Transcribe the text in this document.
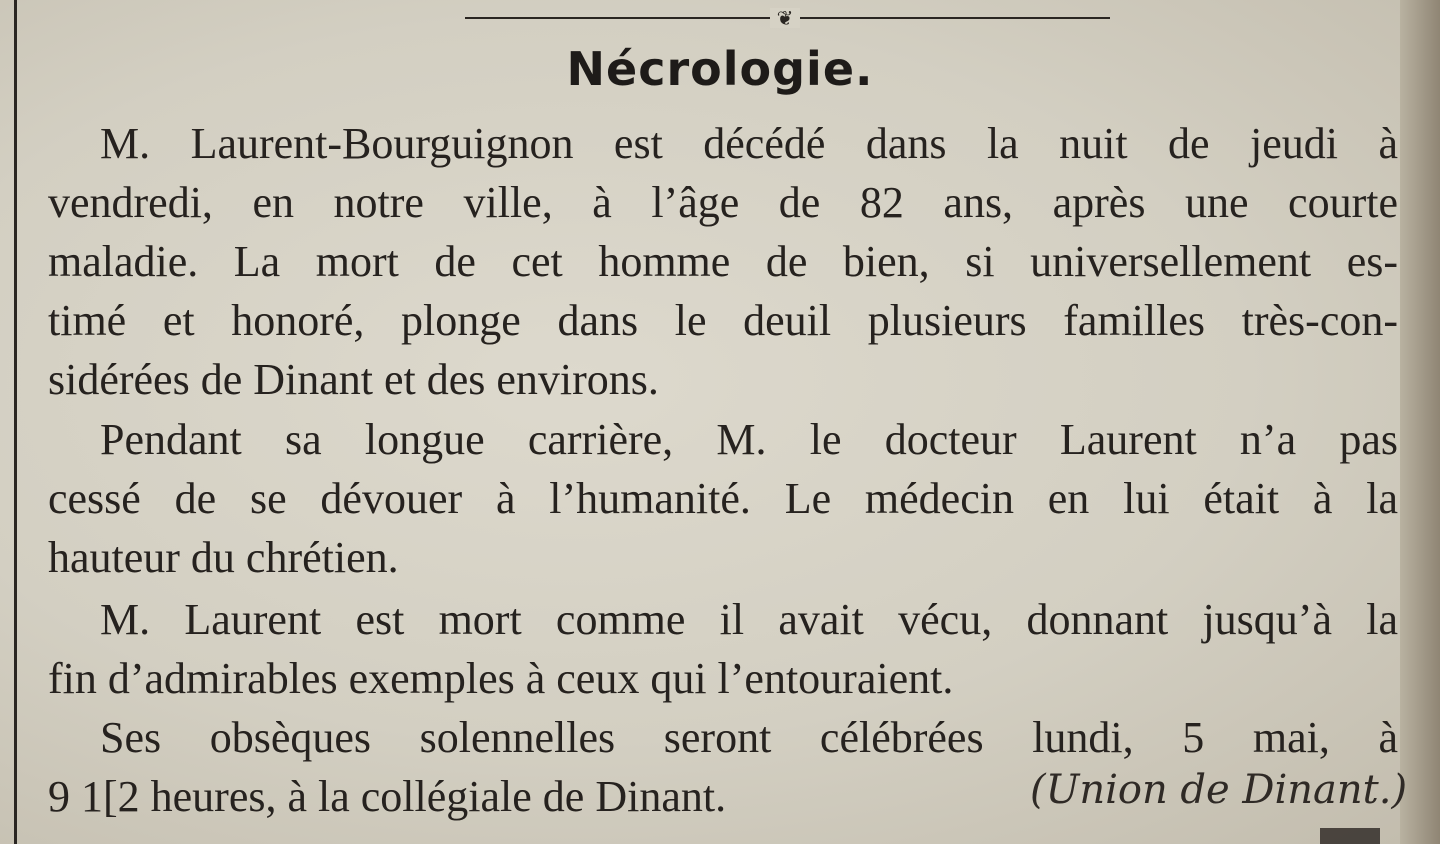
❦
Nécrologie.
M. Laurent-Bourguignon est décédé dans la nuit de jeudi à
vendredi, en notre ville, à l’âge de 82 ans, après une courte
maladie. La mort de cet homme de bien, si universellement es-
timé et honoré, plonge dans le deuil plusieurs familles très-con-
sidérées de Dinant et des environs.
Pendant sa longue carrière, M. le docteur Laurent n’a pas
cessé de se dévouer à l’humanité. Le médecin en lui était à la
hauteur du chrétien.
M. Laurent est mort comme il avait vécu, donnant jusqu’à la
fin d’admirables exemples à ceux qui l’entouraient.
Ses obsèques solennelles seront célébrées lundi, 5 mai, à
9 1[2 heures, à la collégiale de Dinant.	(Union de Dinant.)
